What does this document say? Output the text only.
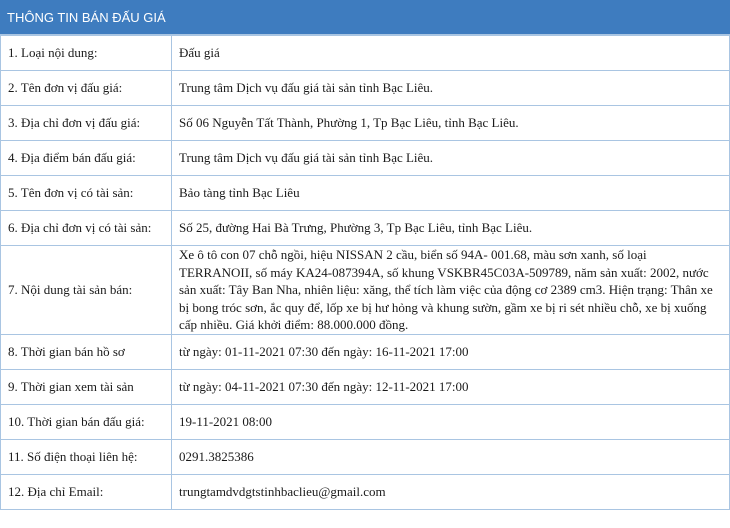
THÔNG TIN BÁN ĐẤU GIÁ
1. Loại nội dung:	Đấu giá
2. Tên đơn vị đấu giá:	Trung tâm Dịch vụ đấu giá tài sản tỉnh Bạc Liêu.
3. Địa chỉ đơn vị đấu giá:	Số 06 Nguyễn Tất Thành, Phường 1, Tp Bạc Liêu, tỉnh Bạc Liêu.
4. Địa điểm bán đấu giá:	Trung tâm Dịch vụ đấu giá tài sản tỉnh Bạc Liêu.
5. Tên đơn vị có tài sản:	Bảo tàng tỉnh Bạc Liêu
6. Địa chỉ đơn vị có tài sản:	Số 25, đường Hai Bà Trưng, Phường 3, Tp Bạc Liêu, tỉnh Bạc Liêu.
7. Nội dung tài sản bán:	Xe ô tô con 07 chỗ ngồi, hiệu NISSAN 2 cầu, biển số 94A- 001.68, màu sơn xanh, số loại TERRANOII, số máy KA24-087394A, số khung VSKBR45C03A-509789, năm sản xuất: 2002, nước sản xuất: Tây Ban Nha, nhiên liệu: xăng, thể tích làm việc của động cơ 2389 cm3. Hiện trạng: Thân xe bị bong tróc sơn, ắc quy để, lốp xe bị hư hỏng và khung sườn, gầm xe bị ri sét nhiều chỗ, xe bị xuống cấp nhiều. Giá khởi điểm: 88.000.000 đồng.
8. Thời gian bán hồ sơ	từ ngày: 01-11-2021 07:30 đến ngày: 16-11-2021 17:00
9. Thời gian xem tài sản	từ ngày: 04-11-2021 07:30 đến ngày: 12-11-2021 17:00
10. Thời gian bán đấu giá:	19-11-2021 08:00
11. Số điện thoại liên hệ:	0291.3825386
12. Địa chỉ Email:	trungtamdvdgtstinhbaclieu@gmail.com
